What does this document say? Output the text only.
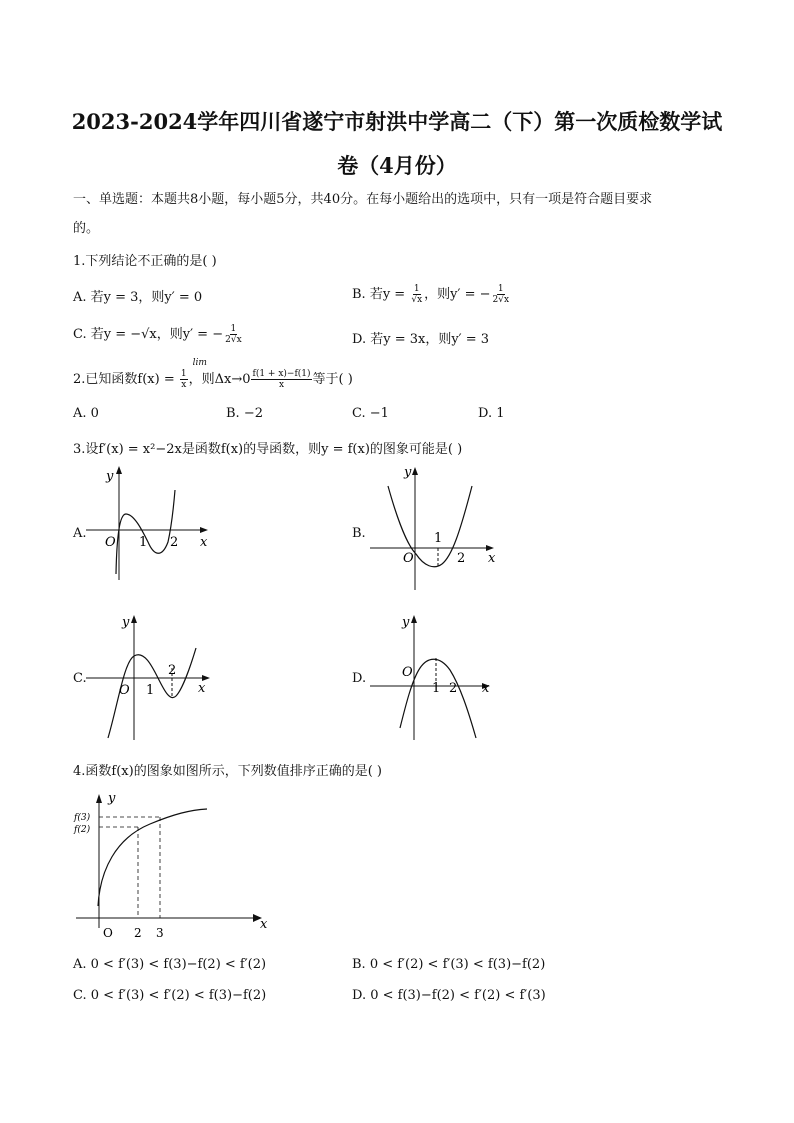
2023-2024学年四川省遂宁市射洪中学高二（下）第一次质检数学试
卷（4月份）
一、单选题：本题共8小题，每小题5分，共40分。在每小题给出的选项中，只有一项是符合题目要求
的。
1.下列结论不正确的是( )
A. 若y = 3，则y′ = 0	B. 若$y = \frac{1}{√x}$ ，则y′ = − $\frac{1}{2√x}$
C. 若y = −√x，则y′ = − $\frac{1}{2√x}$	D. 若y = 3x，则y′ = 3
2.已知函数$f(x) = \frac{1}{x}$
lim
，则$\Delta x\to 0 \frac{f(1 + x)-f(1)}{x}$ 等于( )
A. 0	B. −2	C. −1	D. 1
3.设f′(x) = x²−2x是函数f(x)的导函数，则y = f(x)的图象可能是( )
A.	B.
C.	D.
y
x
O 1 2
y
x
O
1
2
y
x
O 1
2
y
x
O
1 2
4.函数f(x)的图象如图所示，下列数值排序正确的是( )
y
x
O 2 3
f(3)
f(2)
A. 0 < f′(3) < f(3)−f(2) < f′(2)	B. 0 < f′(2) < f′(3) < f(3)−f(2)
C. 0 < f′(3) < f′(2) < f(3)−f(2)	D. 0 < f(3)−f(2) < f′(2) < f′(3)
